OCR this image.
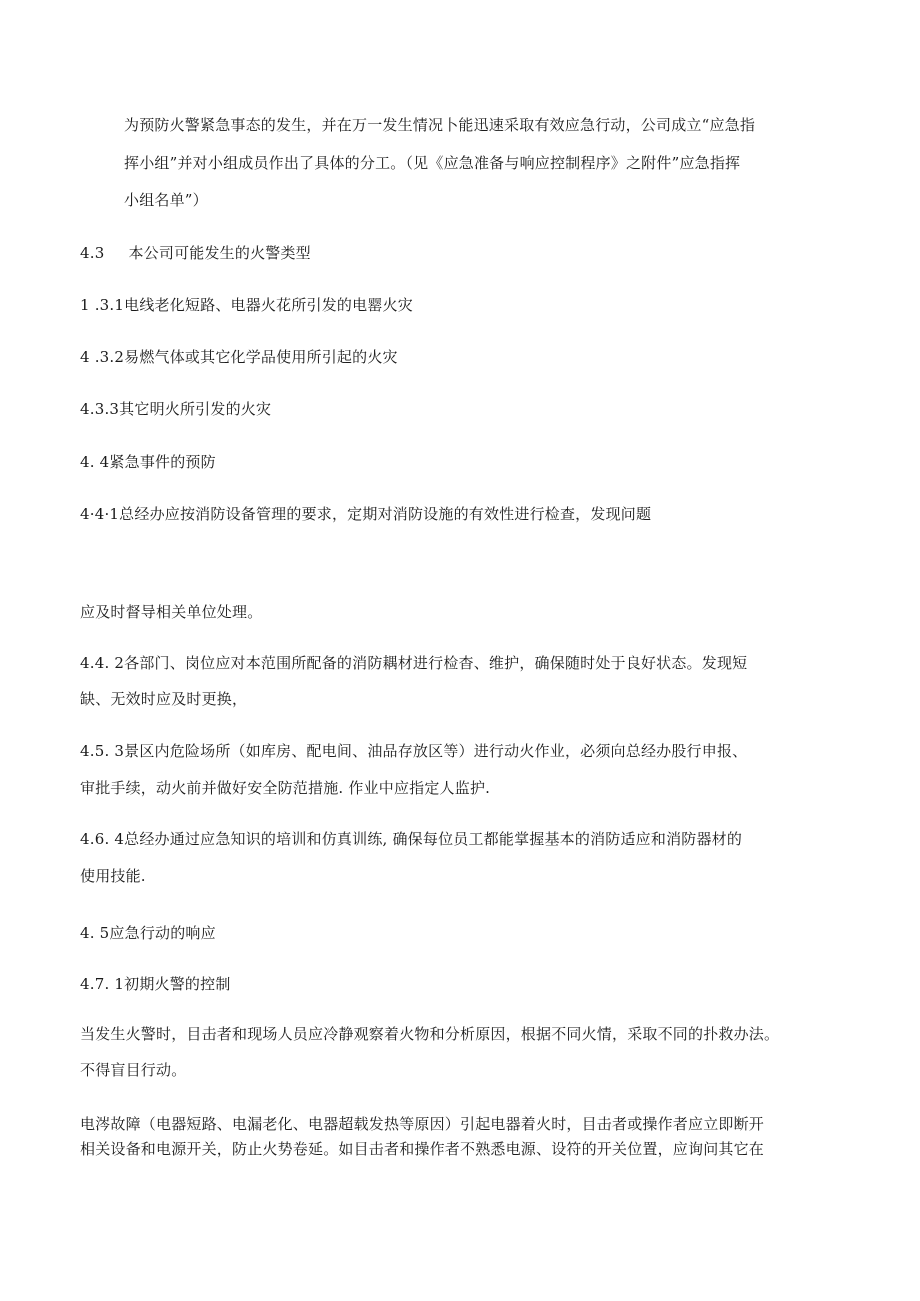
为预防火警紧急事态的发生，并在万一发生情况卜能迅速采取有效应急行动，公司成立“应急指
挥小组”并对小组成员作出了具体的分工。（见《应急准备与响应控制程序》之附件”应急指挥
小组名单”）
4.3 本公司可能发生的火警类型
1 .3.1电线老化短路、电器火花所引发的电罂火灾
4 .3.2易燃气体或其它化学品使用所引起的火灾
4.3.3其它明火所引发的火灾
4. 4紧急事件的预防
4·4·1总经办应按消防设备管理的要求，定期对消防设施的有效性进行检查，发现问题
应及时督导相关单位处理。
4.4. 2各部门、岗位应对本范围所配备的消防耦材进行检杳、维护，确保随时处于良好状态。发现短
缺、无效时应及时更换，
4.5. 3景区内危险场所（如库房、配电间、油品存放区等）进行动火作业，必须向总经办股行申报、
审批手续，动火前并做好安全防范措施. 作业中应指定人监护.
4.6. 4总经办通过应急知识的培训和仿真训练, 确保每位员工都能掌握基本的消防适应和消防器材的
使用技能.
4. 5应急行动的响应
4.7. 1初期火警的控制
当发生火警时，目击者和现场人员应冷静观察着火物和分析原因，根据不同火情，采取不同的扑救办法。
不得盲目行动。
电涔故障（电器短路、电漏老化、电器超载发热等原因）引起电器着火时，目击者或操作者应立即断开
相关设备和电源开关，防止火势卷延。如目击者和操作者不熟悉电源、设符的开关位置，应询问其它在
